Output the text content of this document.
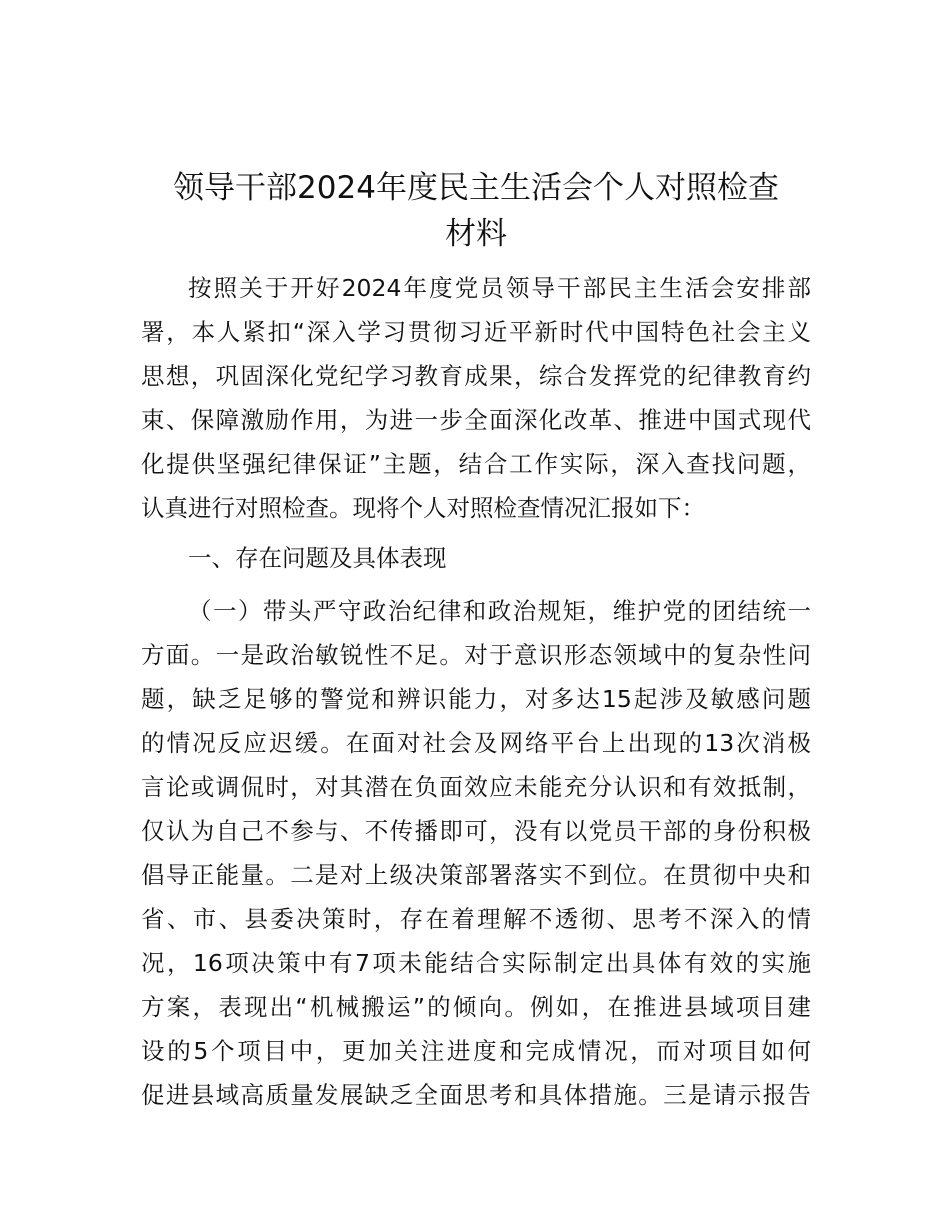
领导干部2024年度民主生活会个人对照检查
材料

按照关于开好2024年度党员领导干部民主生活会安排部

署，本人紧扣“深入学习贯彻习近平新时代中国特色社会主义

思想，巩固深化党纪学习教育成果，综合发挥党的纪律教育约

束、保障激励作用，为进一步全面深化改革、推进中国式现代

化提供坚强纪律保证”主题，结合工作实际，深入查找问题，

认真进行对照检查。现将个人对照检查情况汇报如下：

一、存在问题及具体表现

（一）带头严守政治纪律和政治规矩，维护党的团结统一

方面。一是政治敏锐性不足。对于意识形态领域中的复杂性问

题，缺乏足够的警觉和辨识能力，对多达15起涉及敏感问题

的情况反应迟缓。在面对社会及网络平台上出现的13次消极

言论或调侃时，对其潜在负面效应未能充分认识和有效抵制，

仅认为自己不参与、不传播即可，没有以党员干部的身份积极

倡导正能量。二是对上级决策部署落实不到位。在贯彻中央和

省、市、县委决策时，存在着理解不透彻、思考不深入的情

况，16项决策中有7项未能结合实际制定出具体有效的实施

方案，表现出“机械搬运”的倾向。例如，在推进县域项目建

设的5个项目中，更加关注进度和完成情况，而对项目如何

促进县域高质量发展缺乏全面思考和具体措施。三是请示报告
